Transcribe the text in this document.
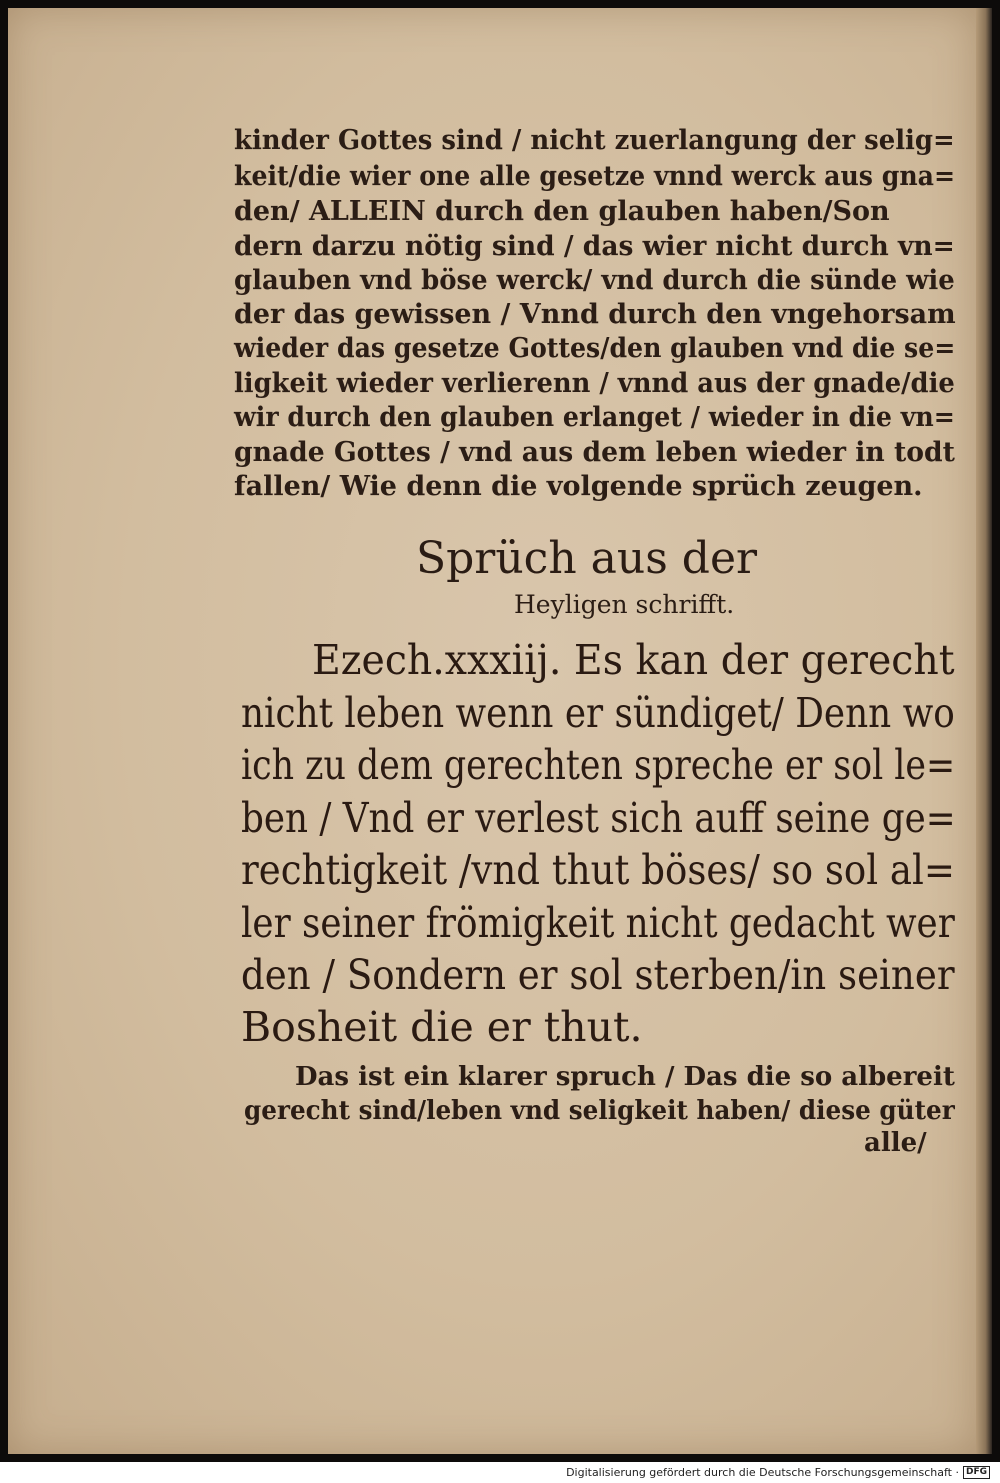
kinder Gottes sind / nicht zuerlangung der selig=
keit/die wier one alle gesetze vnnd werck aus gna=
den/ ALLEIN durch den glauben haben/Son
dern darzu nötig sind / das wier nicht durch vn=
glauben vnd böse werck/ vnd durch die sünde wie
der das gewissen / Vnnd durch den vngehorsam
wieder das gesetze Gottes/den glauben vnd die se=
ligkeit wieder verlierenn / vnnd aus der gnade/die
wir durch den glauben erlanget / wieder in die vn=
gnade Gottes / vnd aus dem leben wieder in todt
fallen/ Wie denn die volgende sprüch zeugen.
Sprüch aus der
Heyligen schrifft.
Ezech.xxxiij. Es kan der gerecht
nicht leben wenn er sündiget/ Denn wo
ich zu dem gerechten spreche er sol le=
ben / Vnd er verlest sich auff seine ge=
rechtigkeit /vnd thut böses/ so sol al=
ler seiner frömigkeit nicht gedacht wer
den / Sondern er sol sterben/in seiner
Bosheit die er thut.
Das ist ein klarer spruch / Das die so albereit
gerecht sind/leben vnd seligkeit haben/ diese güter
alle/
Digitalisierung gefördert durch die Deutsche Forschungsgemeinschaft · DFG
